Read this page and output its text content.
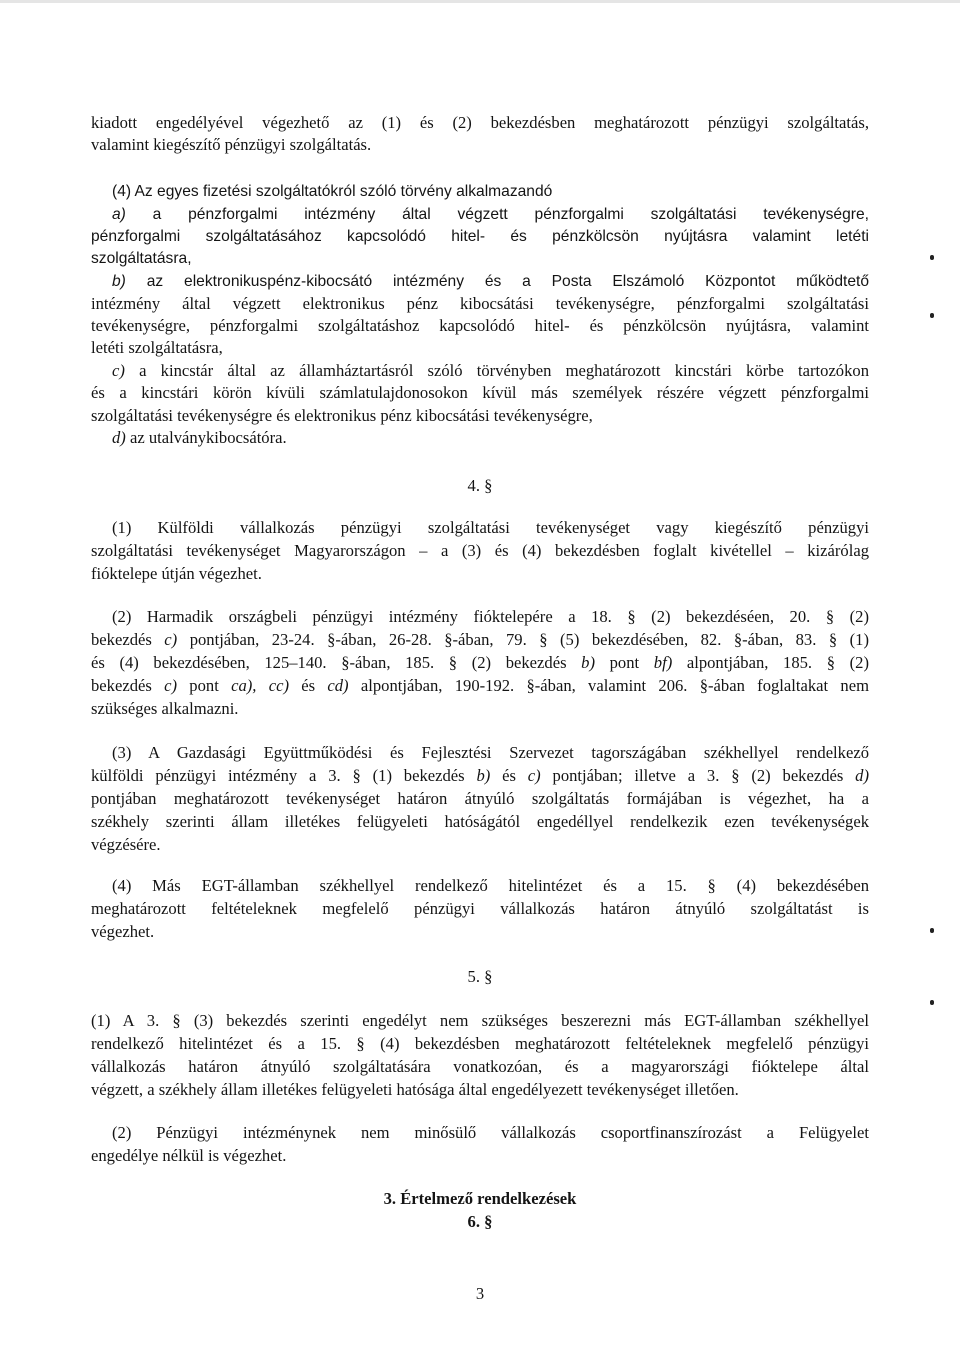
kiadott engedélyével végezhető az (1) és (2) bekezdésben meghatározott pénzügyi szolgáltatás,

valamint kiegészítő pénzügyi szolgáltatás.

(4) Az egyes fizetési szolgáltatókról szóló törvény alkalmazandó

a) a pénzforgalmi intézmény által végzett pénzforgalmi szolgáltatási tevékenységre,

pénzforgalmi szolgáltatásához kapcsolódó hitel- és pénzkölcsön nyújtásra valamint letéti

szolgáltatásra,

b) az elektronikuspénz-kibocsátó intézmény és a Posta Elszámoló Központot működtető

intézmény által végzett elektronikus pénz kibocsátási tevékenységre, pénzforgalmi szolgáltatási

tevékenységre, pénzforgalmi szolgáltatáshoz kapcsolódó hitel- és pénzkölcsön nyújtásra, valamint

letéti szolgáltatásra,

c) a kincstár által az államháztartásról szóló törvényben meghatározott kincstári körbe tartozókon

és a kincstári körön kívüli számlatulajdonosokon kívül más személyek részére végzett pénzforgalmi

szolgáltatási tevékenységre és elektronikus pénz kibocsátási tevékenységre,

d) az utalványkibocsátóra.

4. §

(1) Külföldi vállalkozás pénzügyi szolgáltatási tevékenységet vagy kiegészítő pénzügyi

szolgáltatási tevékenységet Magyarországon – a (3) és (4) bekezdésben foglalt kivétellel – kizárólag

fióktelepe útján végezhet.

(2) Harmadik országbeli pénzügyi intézmény fióktelepére a 18. § (2) bekezdéséen, 20. § (2)

bekezdés c) pontjában, 23-24. §-ában, 26-28. §-ában, 79. § (5) bekezdésében, 82. §-ában, 83. § (1)

és (4) bekezdésében, 125–140. §-ában, 185. § (2) bekezdés b) pont bf) alpontjában, 185. § (2)

bekezdés c) pont ca), cc) és cd) alpontjában, 190-192. §-ában, valamint 206. §-ában foglaltakat nem

szükséges alkalmazni.

(3) A Gazdasági Együttműködési és Fejlesztési Szervezet tagországában székhellyel rendelkező

külföldi pénzügyi intézmény a 3. § (1) bekezdés b) és c) pontjában; illetve a 3. § (2) bekezdés d)

pontjában meghatározott tevékenységet határon átnyúló szolgáltatás formájában is végezhet, ha a

székhely szerinti állam illetékes felügyeleti hatóságától engedéllyel rendelkezik ezen tevékenységek

végzésére.

(4) Más EGT-államban székhellyel rendelkező hitelintézet és a 15. § (4) bekezdésében

meghatározott feltételeknek megfelelő pénzügyi vállalkozás határon átnyúló szolgáltatást is

végezhet.

5. §

(1) A 3. § (3) bekezdés szerinti engedélyt nem szükséges beszerezni más EGT-államban székhellyel

rendelkező hitelintézet és a 15. § (4) bekezdésben meghatározott feltételeknek megfelelő pénzügyi

vállalkozás határon átnyúló szolgáltatására vonatkozóan, és a magyarországi fióktelepe által

végzett, a székhely állam illetékes felügyeleti hatósága által engedélyezett tevékenységet illetően.

(2) Pénzügyi intézménynek nem minősülő vállalkozás csoportfinanszírozást a Felügyelet

engedélye nélkül is végezhet.

3. Értelmező rendelkezések

6. §

3
